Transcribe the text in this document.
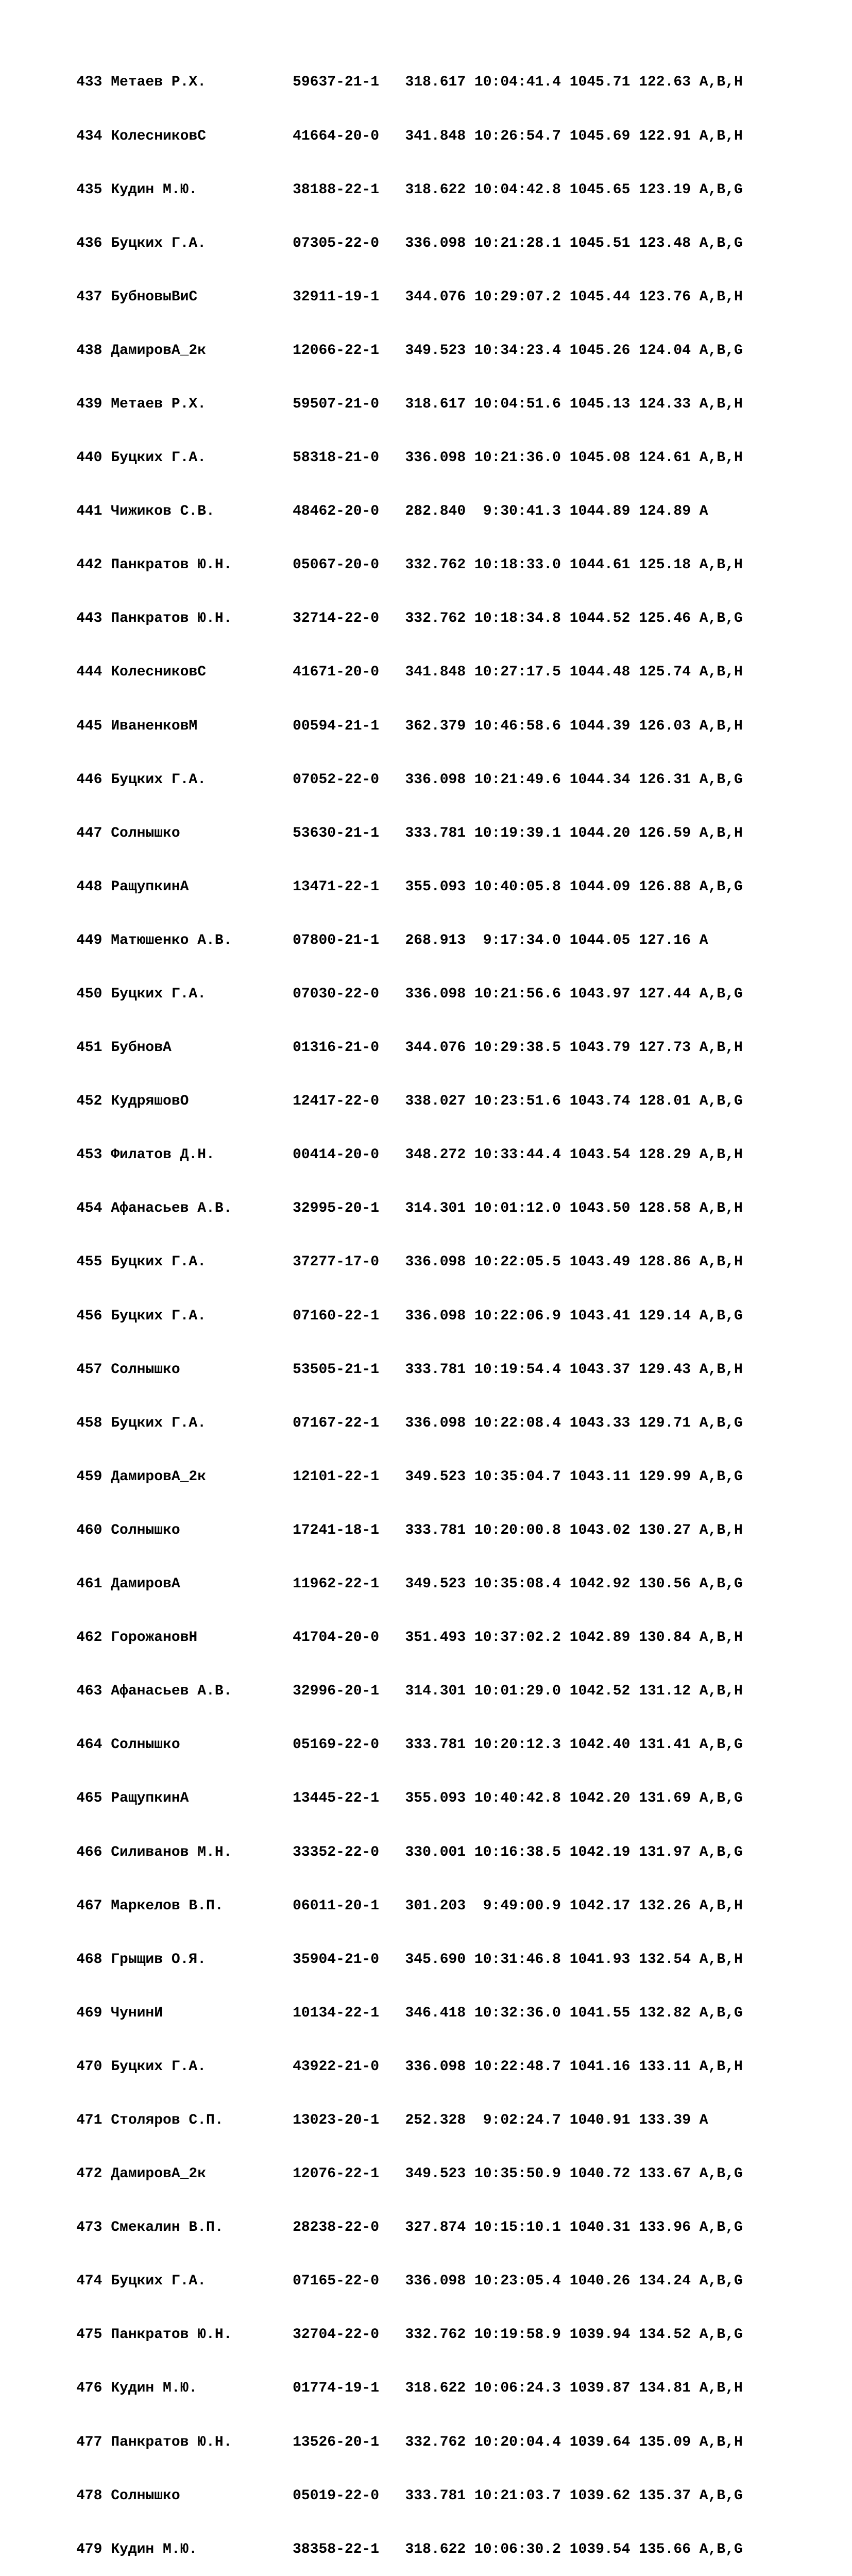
433 Метаев Р.Х.          59637-21-1   318.617 10:04:41.4 1045.71 122.63 A,B,H

434 КолесниковС          41664-20-0   341.848 10:26:54.7 1045.69 122.91 A,B,H

435 Кудин М.Ю.           38188-22-1   318.622 10:04:42.8 1045.65 123.19 A,B,G

436 Буцких Г.А.          07305-22-0   336.098 10:21:28.1 1045.51 123.48 A,B,G

437 БубновыВиС           32911-19-1   344.076 10:29:07.2 1045.44 123.76 A,B,H

438 ДамировА_2к          12066-22-1   349.523 10:34:23.4 1045.26 124.04 A,B,G

439 Метаев Р.Х.          59507-21-0   318.617 10:04:51.6 1045.13 124.33 A,B,H

440 Буцких Г.А.          58318-21-0   336.098 10:21:36.0 1045.08 124.61 A,B,H

441 Чижиков С.В.         48462-20-0   282.840  9:30:41.3 1044.89 124.89 A

442 Панкратов Ю.Н.       05067-20-0   332.762 10:18:33.0 1044.61 125.18 A,B,H

443 Панкратов Ю.Н.       32714-22-0   332.762 10:18:34.8 1044.52 125.46 A,B,G

444 КолесниковС          41671-20-0   341.848 10:27:17.5 1044.48 125.74 A,B,H

445 ИваненковМ           00594-21-1   362.379 10:46:58.6 1044.39 126.03 A,B,H

446 Буцких Г.А.          07052-22-0   336.098 10:21:49.6 1044.34 126.31 A,B,G

447 Солнышко             53630-21-1   333.781 10:19:39.1 1044.20 126.59 A,B,H

448 РащупкинА            13471-22-1   355.093 10:40:05.8 1044.09 126.88 A,B,G

449 Матюшенко А.В.       07800-21-1   268.913  9:17:34.0 1044.05 127.16 A

450 Буцких Г.А.          07030-22-0   336.098 10:21:56.6 1043.97 127.44 A,B,G

451 БубновА              01316-21-0   344.076 10:29:38.5 1043.79 127.73 A,B,H

452 КудряшовО            12417-22-0   338.027 10:23:51.6 1043.74 128.01 A,B,G

453 Филатов Д.Н.         00414-20-0   348.272 10:33:44.4 1043.54 128.29 A,B,H

454 Афанасьев А.В.       32995-20-1   314.301 10:01:12.0 1043.50 128.58 A,B,H

455 Буцких Г.А.          37277-17-0   336.098 10:22:05.5 1043.49 128.86 A,B,H

456 Буцких Г.А.          07160-22-1   336.098 10:22:06.9 1043.41 129.14 A,B,G

457 Солнышко             53505-21-1   333.781 10:19:54.4 1043.37 129.43 A,B,H

458 Буцких Г.А.          07167-22-1   336.098 10:22:08.4 1043.33 129.71 A,B,G

459 ДамировА_2к          12101-22-1   349.523 10:35:04.7 1043.11 129.99 A,B,G

460 Солнышко             17241-18-1   333.781 10:20:00.8 1043.02 130.27 A,B,H

461 ДамировА             11962-22-1   349.523 10:35:08.4 1042.92 130.56 A,B,G

462 ГорожановН           41704-20-0   351.493 10:37:02.2 1042.89 130.84 A,B,H

463 Афанасьев А.В.       32996-20-1   314.301 10:01:29.0 1042.52 131.12 A,B,H

464 Солнышко             05169-22-0   333.781 10:20:12.3 1042.40 131.41 A,B,G

465 РащупкинА            13445-22-1   355.093 10:40:42.8 1042.20 131.69 A,B,G

466 Силиванов М.Н.       33352-22-0   330.001 10:16:38.5 1042.19 131.97 A,B,G

467 Маркелов В.П.        06011-20-1   301.203  9:49:00.9 1042.17 132.26 A,B,H

468 Грыщив О.Я.          35904-21-0   345.690 10:31:46.8 1041.93 132.54 A,B,H

469 ЧунинИ               10134-22-1   346.418 10:32:36.0 1041.55 132.82 A,B,G

470 Буцких Г.А.          43922-21-0   336.098 10:22:48.7 1041.16 133.11 A,B,H

471 Столяров С.П.        13023-20-1   252.328  9:02:24.7 1040.91 133.39 A

472 ДамировА_2к          12076-22-1   349.523 10:35:50.9 1040.72 133.67 A,B,G

473 Смекалин В.П.        28238-22-0   327.874 10:15:10.1 1040.31 133.96 A,B,G

474 Буцких Г.А.          07165-22-0   336.098 10:23:05.4 1040.26 134.24 A,B,G

475 Панкратов Ю.Н.       32704-22-0   332.762 10:19:58.9 1039.94 134.52 A,B,G

476 Кудин М.Ю.           01774-19-1   318.622 10:06:24.3 1039.87 134.81 A,B,H

477 Панкратов Ю.Н.       13526-20-1   332.762 10:20:04.4 1039.64 135.09 A,B,H

478 Солнышко             05019-22-0   333.781 10:21:03.7 1039.62 135.37 A,B,G

479 Кудин М.Ю.           38358-22-1   318.622 10:06:30.2 1039.54 135.66 A,B,G
